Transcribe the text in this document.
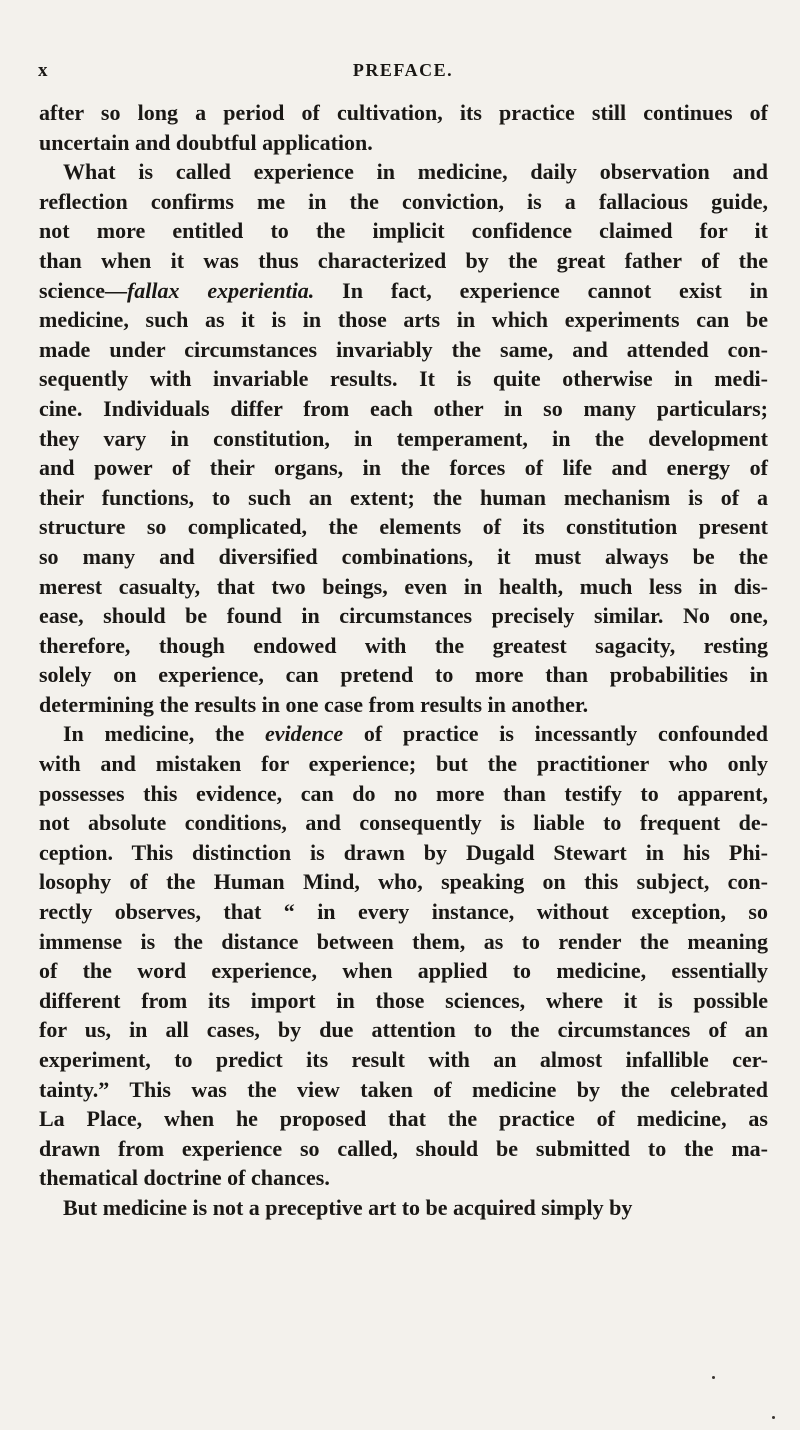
x	PREFACE.
after so long a period of cultivation, its practice still continues of
uncertain and doubtful application.
What is called experience in medicine, daily observation and
reflection confirms me in the conviction, is a fallacious guide,
not more entitled to the implicit confidence claimed for it
than when it was thus characterized by the great father of the
science—fallax experientia. In fact, experience cannot exist in
medicine, such as it is in those arts in which experiments can be
made under circumstances invariably the same, and attended con-
sequently with invariable results. It is quite otherwise in medi-
cine. Individuals differ from each other in so many particulars;
they vary in constitution, in temperament, in the development
and power of their organs, in the forces of life and energy of
their functions, to such an extent; the human mechanism is of a
structure so complicated, the elements of its constitution present
so many and diversified combinations, it must always be the
merest casualty, that two beings, even in health, much less in dis-
ease, should be found in circumstances precisely similar. No one,
therefore, though endowed with the greatest sagacity, resting
solely on experience, can pretend to more than probabilities in
determining the results in one case from results in another.
In medicine, the evidence of practice is incessantly confounded
with and mistaken for experience; but the practitioner who only
possesses this evidence, can do no more than testify to apparent,
not absolute conditions, and consequently is liable to frequent de-
ception. This distinction is drawn by Dugald Stewart in his Phi-
losophy of the Human Mind, who, speaking on this subject, con-
rectly observes, that “ in every instance, without exception, so
immense is the distance between them, as to render the meaning
of the word experience, when applied to medicine, essentially
different from its import in those sciences, where it is possible
for us, in all cases, by due attention to the circumstances of an
experiment, to predict its result with an almost infallible cer-
tainty.” This was the view taken of medicine by the celebrated
La Place, when he proposed that the practice of medicine, as
drawn from experience so called, should be submitted to the ma-
thematical doctrine of chances.
But medicine is not a preceptive art to be acquired simply by
